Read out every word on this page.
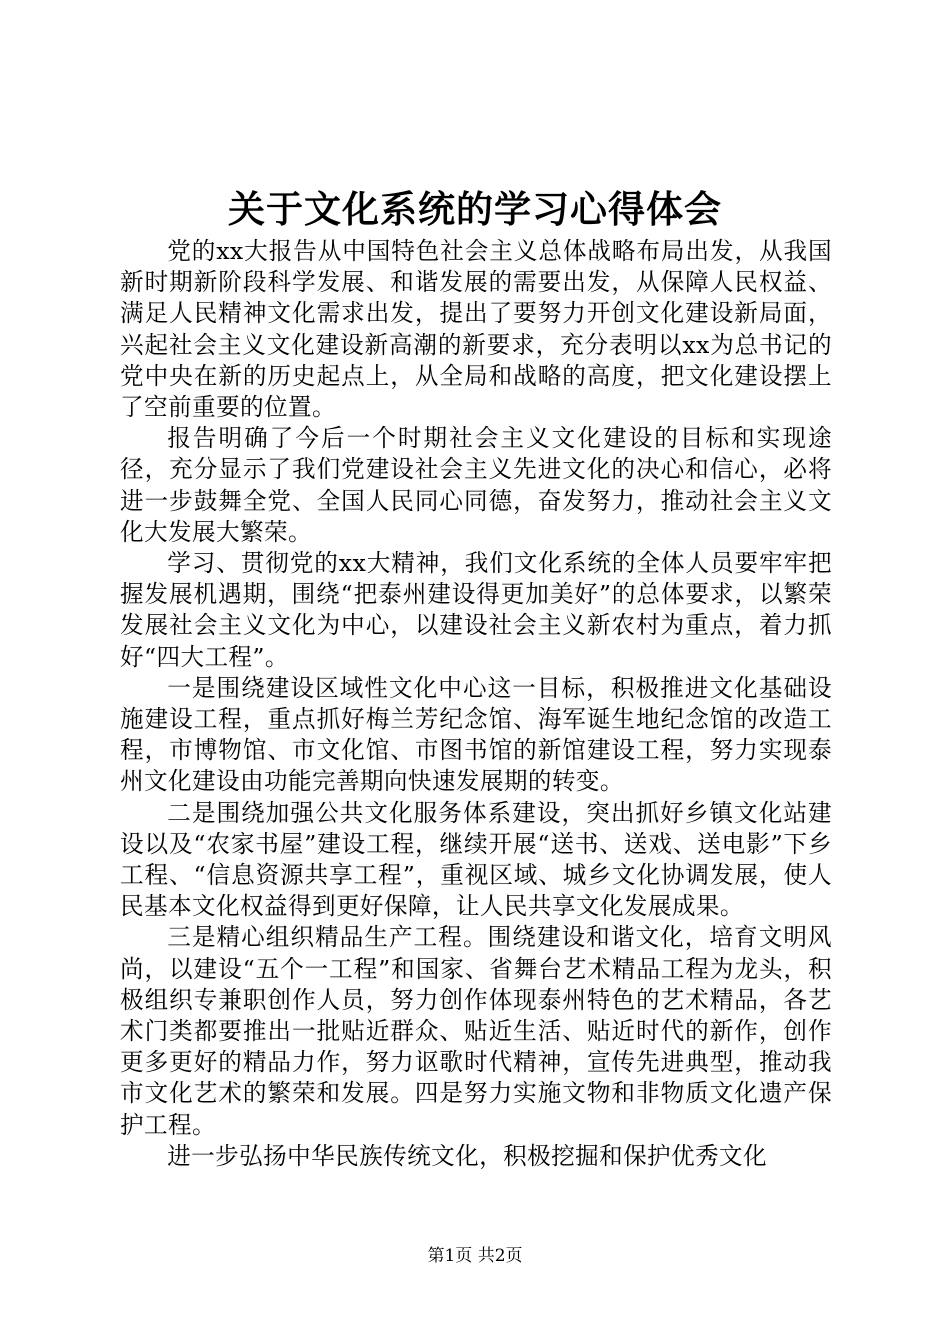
关于文化系统的学习心得体会

党的xx大报告从中国特色社会主义总体战略布局出发，从我国新时期新阶段科学发展、和谐发展的需要出发，从保障人民权益、满足人民精神文化需求出发，提出了要努力开创文化建设新局面，兴起社会主义文化建设新高潮的新要求，充分表明以xx为总书记的党中央在新的历史起点上，从全局和战略的高度，把文化建设摆上了空前重要的位置。

报告明确了今后一个时期社会主义文化建设的目标和实现途径，充分显示了我们党建设社会主义先进文化的决心和信心，必将进一步鼓舞全党、全国人民同心同德，奋发努力，推动社会主义文化大发展大繁荣。

学习、贯彻党的xx大精神，我们文化系统的全体人员要牢牢把握发展机遇期，围绕“把泰州建设得更加美好”的总体要求，以繁荣发展社会主义文化为中心，以建设社会主义新农村为重点，着力抓好“四大工程”。

一是围绕建设区域性文化中心这一目标，积极推进文化基础设施建设工程，重点抓好梅兰芳纪念馆、海军诞生地纪念馆的改造工程，市博物馆、市文化馆、市图书馆的新馆建设工程，努力实现泰州文化建设由功能完善期向快速发展期的转变。

二是围绕加强公共文化服务体系建设，突出抓好乡镇文化站建设以及“农家书屋”建设工程，继续开展“送书、送戏、送电影”下乡工程、“信息资源共享工程”，重视区域、城乡文化协调发展，使人民基本文化权益得到更好保障，让人民共享文化发展成果。

三是精心组织精品生产工程。围绕建设和谐文化，培育文明风尚，以建设“五个一工程”和国家、省舞台艺术精品工程为龙头，积极组织专兼职创作人员，努力创作体现泰州特色的艺术精品，各艺术门类都要推出一批贴近群众、贴近生活、贴近时代的新作，创作更多更好的精品力作，努力讴歌时代精神，宣传先进典型，推动我市文化艺术的繁荣和发展。四是努力实施文物和非物质文化遗产保护工程。

进一步弘扬中华民族传统文化，积极挖掘和保护优秀文化

第1页 共2页
